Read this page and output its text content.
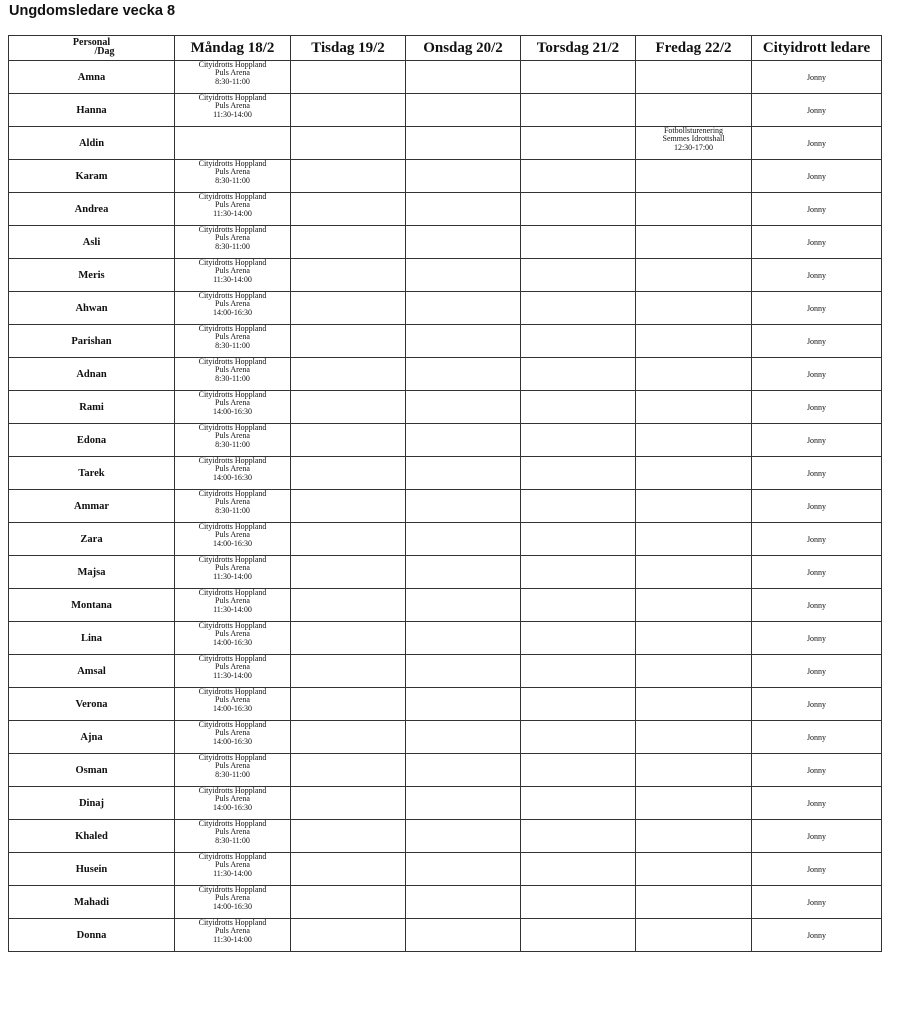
Ungdomsledare vecka 8
Personal
/Dag	Måndag 18/2	Tisdag 19/2	Onsdag 20/2	Torsdag 21/2	Fredag 22/2	Cityidrott ledare
Amna	Cityidrotts Hoppland
Puls Arena
8:30-11:00					Jonny
Hanna	Cityidrotts Hoppland
Puls Arena
11:30-14:00					Jonny
Aldin					Fotbollsturenering
Semmes Idrottshall
12:30-17:00	Jonny
Karam	Cityidrotts Hoppland
Puls Arena
8:30-11:00					Jonny
Andrea	Cityidrotts Hoppland
Puls Arena
11:30-14:00					Jonny
Asli	Cityidrotts Hoppland
Puls Arena
8:30-11:00					Jonny
Meris	Cityidrotts Hoppland
Puls Arena
11:30-14:00					Jonny
Ahwan	Cityidrotts Hoppland
Puls Arena
14:00-16:30					Jonny
Parishan	Cityidrotts Hoppland
Puls Arena
8:30-11:00					Jonny
Adnan	Cityidrotts Hoppland
Puls Arena
8:30-11:00					Jonny
Rami	Cityidrotts Hoppland
Puls Arena
14:00-16:30					Jonny
Edona	Cityidrotts Hoppland
Puls Arena
8:30-11:00					Jonny
Tarek	Cityidrotts Hoppland
Puls Arena
14:00-16:30					Jonny
Ammar	Cityidrotts Hoppland
Puls Arena
8:30-11:00					Jonny
Zara	Cityidrotts Hoppland
Puls Arena
14:00-16:30					Jonny
Majsa	Cityidrotts Hoppland
Puls Arena
11:30-14:00					Jonny
Montana	Cityidrotts Hoppland
Puls Arena
11:30-14:00					Jonny
Lina	Cityidrotts Hoppland
Puls Arena
14:00-16:30					Jonny
Amsal	Cityidrotts Hoppland
Puls Arena
11:30-14:00					Jonny
Verona	Cityidrotts Hoppland
Puls Arena
14:00-16:30					Jonny
Ajna	Cityidrotts Hoppland
Puls Arena
14:00-16:30					Jonny
Osman	Cityidrotts Hoppland
Puls Arena
8:30-11:00					Jonny
Dinaj	Cityidrotts Hoppland
Puls Arena
14:00-16:30					Jonny
Khaled	Cityidrotts Hoppland
Puls Arena
8:30-11:00					Jonny
Husein	Cityidrotts Hoppland
Puls Arena
11:30-14:00					Jonny
Mahadi	Cityidrotts Hoppland
Puls Arena
14:00-16:30					Jonny
Donna	Cityidrotts Hoppland
Puls Arena
11:30-14:00					Jonny
